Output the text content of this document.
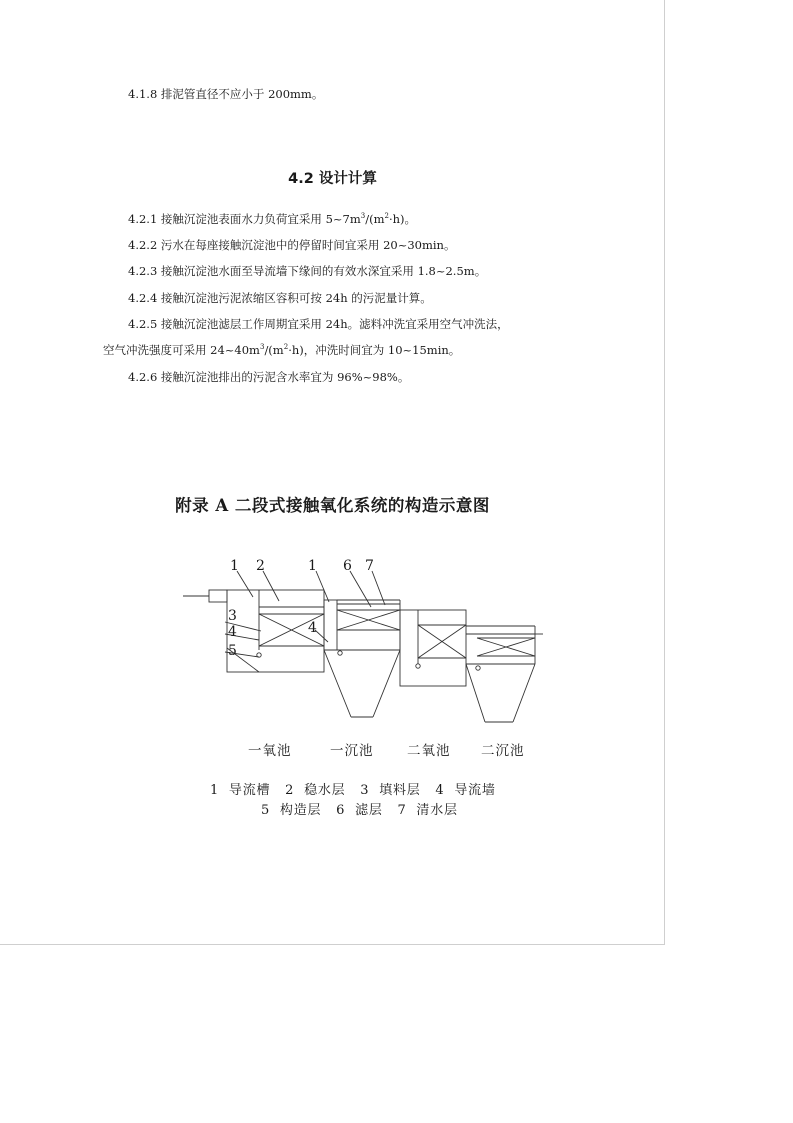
4.1.8 排泥管直径不应小于 200mm。
4.2 设计计算
4.2.1 接触沉淀池表面水力负荷宜采用 $5\sim 7m^3/(m^2\cdot h)$。
4.2.2 污水在每座接触沉淀池中的停留时间宜采用 20~30min。
4.2.3 接触沉淀池水面至导流墙下缘间的有效水深宜采用 1.8~2.5m。
4.2.4 接触沉淀池污泥浓缩区容积可按 24h 的污泥量计算。
4.2.5 接触沉淀池滤层工作周期宜采用 24h。滤料冲洗宜采用空气冲洗法，
空气冲洗强度可采用 $24\sim 40m^3/(m^2\cdot h)$，冲洗时间宜为 10~15min。
4.2.6 接触沉淀池排出的污泥含水率宜为 96%~98%。
附录 A 二段式接触氧化系统的构造示意图
1 2	1 6 7
3
4	4
5
一氧池	一沉池 二氧池 二沉池
1  导流槽   2  稳水层   3  填料层   4  导流墙
5  构造层   6  滤层   7  清水层
